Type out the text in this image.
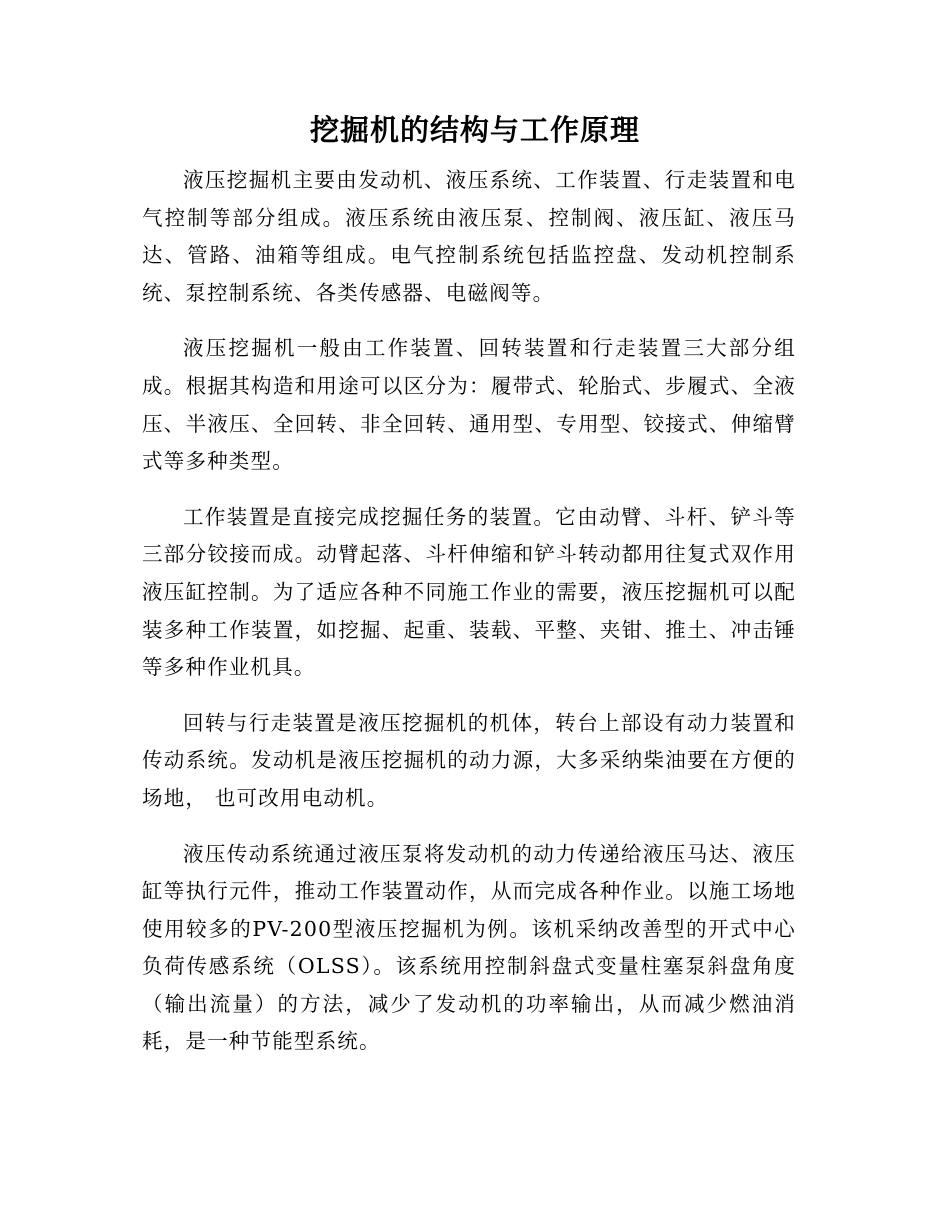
挖掘机的结构与工作原理

液压挖掘机主要由发动机、液压系统、工作装置、行走装置和电气控制等部分组成。液压系统由液压泵、控制阀、液压缸、液压马达、管路、油箱等组成。电气控制系统包括监控盘、发动机控制系统、泵控制系统、各类传感器、电磁阀等。

液压挖掘机一般由工作装置、回转装置和行走装置三大部分组成。根据其构造和用途可以区分为：履带式、轮胎式、步履式、全液压、半液压、全回转、非全回转、通用型、专用型、铰接式、伸缩臂式等多种类型。

工作装置是直接完成挖掘任务的装置。它由动臂、斗杆、铲斗等三部分铰接而成。动臂起落、斗杆伸缩和铲斗转动都用往复式双作用液压缸控制。为了适应各种不同施工作业的需要，液压挖掘机可以配装多种工作装置，如挖掘、起重、装载、平整、夹钳、推土、冲击锤等多种作业机具。

回转与行走装置是液压挖掘机的机体，转台上部设有动力装置和传动系统。发动机是液压挖掘机的动力源，大多采纳柴油要在方便的场地， 也可改用电动机。

液压传动系统通过液压泵将发动机的动力传递给液压马达、液压缸等执行元件，推动工作装置动作，从而完成各种作业。以施工场地使用较多的PV-200型液压挖掘机为例。该机采纳改善型的开式中心负荷传感系统（OLSS）。该系统用控制斜盘式变量柱塞泵斜盘角度（输出流量）的方法，减少了发动机的功率输出，从而减少燃油消耗，是一种节能型系统。
